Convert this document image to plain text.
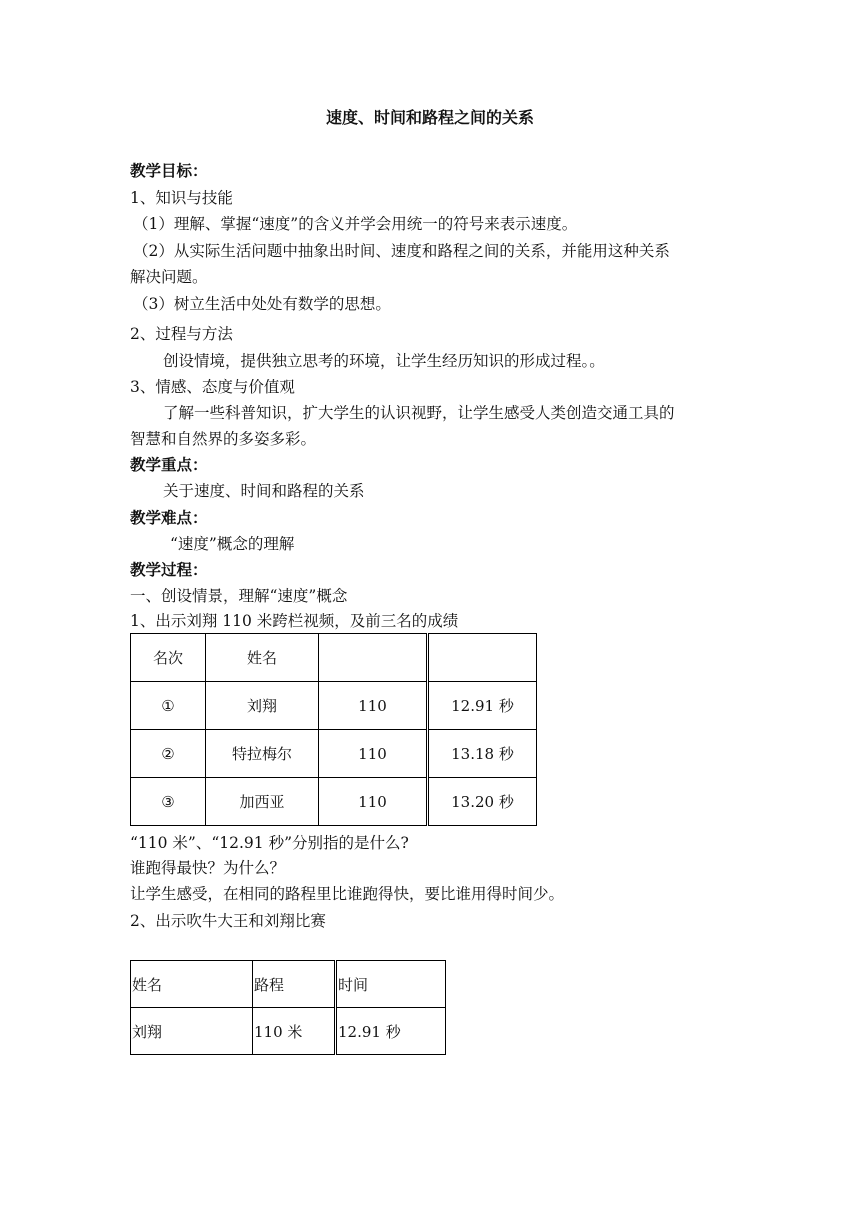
速度、时间和路程之间的关系
教学目标：
1、知识与技能
（1）理解、掌握“速度”的含义并学会用统一的符号来表示速度。
（2）从实际生活问题中抽象出时间、速度和路程之间的关系，并能用这种关系
解决问题。
（3）树立生活中处处有数学的思想。
2、过程与方法
创设情境，提供独立思考的环境，让学生经历知识的形成过程。。
3、情感、态度与价值观
了解一些科普知识，扩大学生的认识视野，让学生感受人类创造交通工具的
智慧和自然界的多姿多彩。
教学重点：
关于速度、时间和路程的关系
教学难点：
“速度”概念的理解
教学过程：
一、创设情景，理解“速度”概念
1、出示刘翔 110 米跨栏视频，及前三名的成绩
名次	姓名		
①	刘翔	110	12.91 秒
②	特拉梅尔	110	13.18 秒
③	加西亚	110	13.20 秒
“110 米”、“12.91 秒”分别指的是什么?
谁跑得最快？为什么？
让学生感受，在相同的路程里比谁跑得快，要比谁用得时间少。
2、出示吹牛大王和刘翔比赛
姓名	路程	时间
刘翔	110 米	12.91 秒
